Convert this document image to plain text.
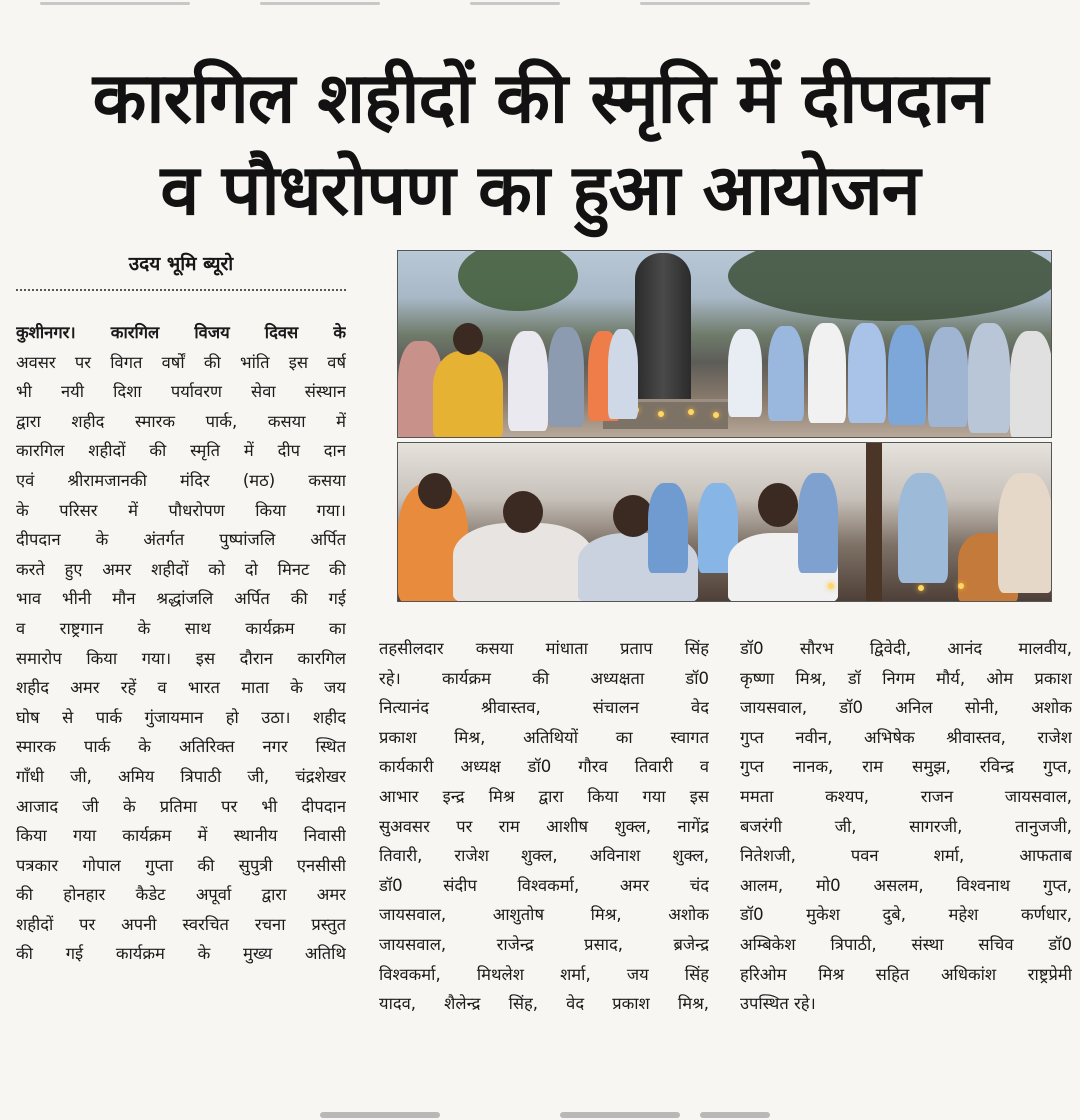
कारगिल शहीदों की स्मृति में दीपदान
व पौधरोपण का हुआ आयोजन
उदय भूमि ब्यूरो

कुशीनगर। कारगिल विजय दिवस के

अवसर पर विगत वर्षों की भांति इस वर्ष

भी नयी दिशा पर्यावरण सेवा संस्थान

द्वारा शहीद स्मारक पार्क, कसया में

कारगिल शहीदों की स्मृति में दीप दान

एवं श्रीरामजानकी मंदिर (मठ) कसया

के परिसर में पौधरोपण किया गया।

दीपदान के अंतर्गत पुष्पांजलि अर्पित

करते हुए अमर शहीदों को दो मिनट की

भाव भीनी मौन श्रद्धांजलि अर्पित की गई

व राष्ट्रगान के साथ कार्यक्रम का

समारोप किया गया। इस दौरान कारगिल

शहीद अमर रहें व भारत माता के जय

घोष से पार्क गुंजायमान हो उठा। शहीद

स्मारक पार्क के अतिरिक्त नगर स्थित

गाँधी जी, अमिय त्रिपाठी जी, चंद्रशेखर

आजाद जी के प्रतिमा पर भी दीपदान

किया गया कार्यक्रम में स्थानीय निवासी

पत्रकार गोपाल गुप्ता की सुपुत्री एनसीसी

की होनहार कैडेट अपूर्वा द्वारा अमर

शहीदों पर अपनी स्वरचित रचना प्रस्तुत

की गई कार्यक्रम के मुख्य अतिथि

तहसीलदार कसया मांधाता प्रताप सिंह

रहे। कार्यक्रम की अध्यक्षता डॉ0

नित्यानंद श्रीवास्तव, संचालन वेद

प्रकाश मिश्र, अतिथियों का स्वागत

कार्यकारी अध्यक्ष डॉ0 गौरव तिवारी व

आभार इन्द्र मिश्र द्वारा किया गया इस

सुअवसर पर राम आशीष शुक्ल, नागेंद्र

तिवारी, राजेश शुक्ल, अविनाश शुक्ल,

डॉ0 संदीप विश्वकर्मा, अमर चंद

जायसवाल, आशुतोष मिश्र, अशोक

जायसवाल, राजेन्द्र प्रसाद, ब्रजेन्द्र

विश्वकर्मा, मिथलेश शर्मा, जय सिंह

यादव, शैलेन्द्र सिंह, वेद प्रकाश मिश्र,

डॉ0 सौरभ द्विवेदी, आनंद मालवीय,

कृष्णा मिश्र, डॉ निगम मौर्य, ओम प्रकाश

जायसवाल, डॉ0 अनिल सोनी, अशोक

गुप्त नवीन, अभिषेक श्रीवास्तव, राजेश

गुप्त नानक, राम समुझ, रविन्द्र गुप्त,

ममता कश्यप, राजन जायसवाल,

बजरंगी जी, सागरजी, तानुजजी,

नितेशजी, पवन शर्मा, आफताब

आलम, मो0 असलम, विश्वनाथ गुप्त,

डॉ0 मुकेश दुबे, महेश कर्णधार,

अम्बिकेश त्रिपाठी, संस्था सचिव डॉ0

हरिओम मिश्र सहित अधिकांश राष्ट्रप्रेमी

उपस्थित रहे।
